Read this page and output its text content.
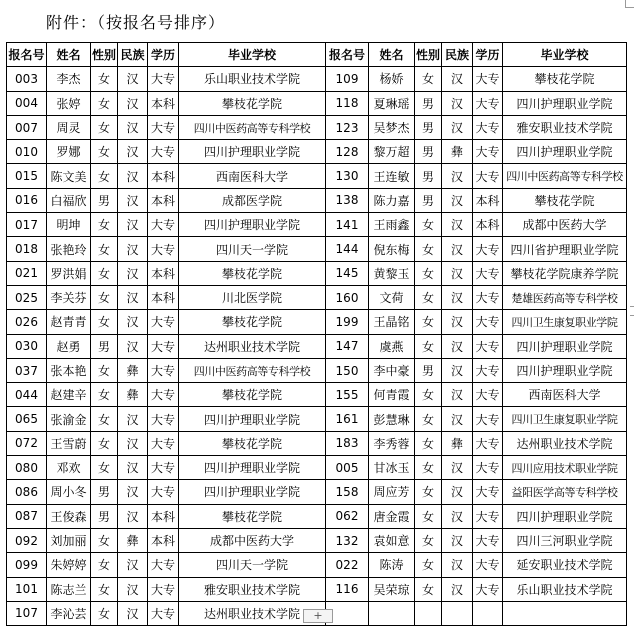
附件：（按报名号排序）
报名号	姓名	性别	民族	学历	毕业学校	报名号	姓名	性别	民族	学历	毕业学校
003	李杰	女	汉	大专	乐山职业技术学院	109	杨娇	女	汉	大专	攀枝花学院
004	张婷	女	汉	本科	攀枝花学院	118	夏琳瑶	男	汉	大专	四川护理职业学院
007	周灵	女	汉	大专	四川中医药高等专科学校	123	吴梦杰	男	汉	大专	雅安职业技术学院
010	罗娜	女	汉	大专	四川护理职业学院	128	黎万超	男	彝	大专	四川护理职业学院
015	陈文美	女	汉	本科	西南医科大学	130	王连敏	男	汉	大专	四川中医药高等专科学校
016	白福欣	男	汉	本科	成都医学院	138	陈力嘉	男	汉	本科	攀枝花学院
017	明坤	女	汉	大专	四川护理职业学院	141	王雨鑫	女	汉	本科	成都中医药大学
018	张艳玲	女	汉	大专	四川天一学院	144	倪东梅	女	汉	大专	四川省护理职业学院
021	罗洪娟	女	汉	本科	攀枝花学院	145	黄黎玉	女	汉	大专	攀枝花学院康养学院
025	李关芬	女	汉	本科	川北医学院	160	文荷	女	汉	大专	楚雄医药高等专科学校
026	赵青青	女	汉	大专	攀枝花学院	199	王晶铭	女	汉	大专	四川卫生康复职业学院
030	赵勇	男	汉	大专	达州职业技术学院	147	虞燕	女	汉	大专	四川护理职业学院
037	张本艳	女	彝	大专	四川中医药高等专科学校	150	李中豪	男	汉	大专	四川护理职业学院
044	赵建辛	女	彝	大专	攀枝花学院	155	何青霞	女	汉	大专	西南医科大学
065	张渝金	女	汉	大专	四川护理职业学院	161	彭慧琳	女	汉	大专	四川卫生康复职业学院
072	王雪蔚	女	汉	大专	攀枝花学院	183	李秀蓉	女	彝	大专	达州职业技术学院
080	邓欢	女	汉	大专	四川护理职业学院	005	甘冰玉	女	汉	大专	四川应用技术职业学院
086	周小冬	男	汉	大专	四川护理职业学院	158	周应芳	女	汉	大专	益阳医学高等专科学校
087	王俊森	男	汉	本科	攀枝花学院	062	唐金霞	女	汉	大专	四川护理职业学院
092	刘加丽	女	彝	本科	成都中医药大学	132	袁如意	女	汉	大专	四川三河职业学院
099	朱婷婷	女	汉	大专	四川天一学院	022	陈涛	女	汉	大专	延安职业技术学院
101	陈志兰	女	汉	大专	雅安职业技术学院	116	吴荣琼	女	汉	大专	乐山职业技术学院
107	李沁芸	女	汉	大专	达州职业技术学院							+
